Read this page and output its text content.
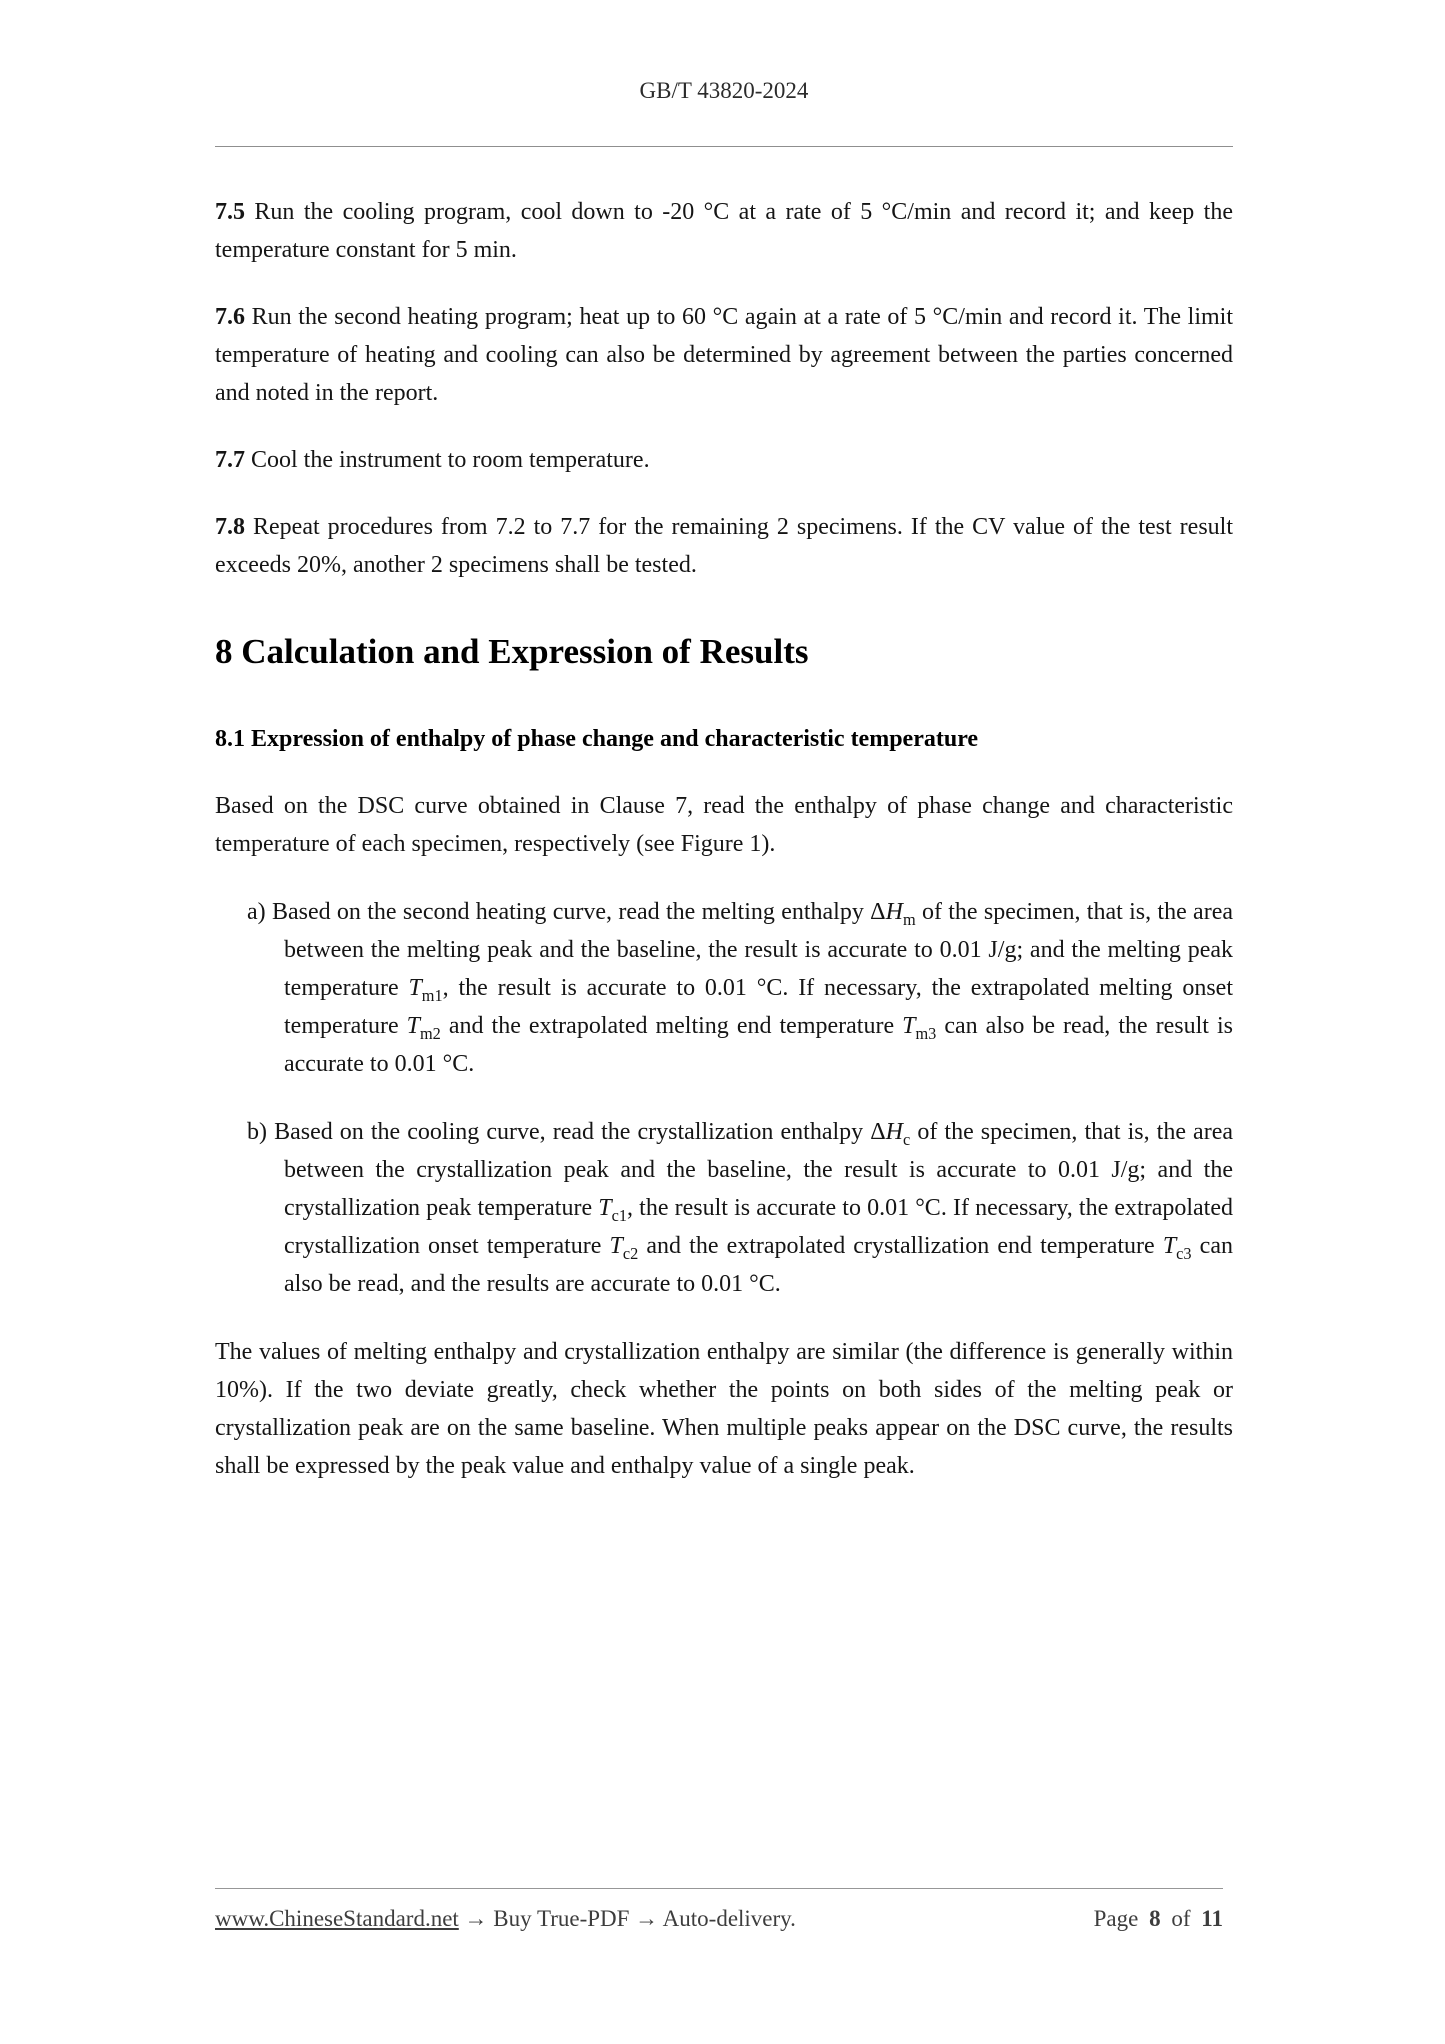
GB/T 43820-2024

7.5 Run the cooling program, cool down to -20 °C at a rate of 5 °C/min and record it; and keep the temperature constant for 5 min.

7.6 Run the second heating program; heat up to 60 °C again at a rate of 5 °C/min and record it. The limit temperature of heating and cooling can also be determined by agreement between the parties concerned and noted in the report.

7.7 Cool the instrument to room temperature.

7.8 Repeat procedures from 7.2 to 7.7 for the remaining 2 specimens. If the CV value of the test result exceeds 20%, another 2 specimens shall be tested.

8 Calculation and Expression of Results
8.1 Expression of enthalpy of phase change and characteristic temperature

Based on the DSC curve obtained in Clause 7, read the enthalpy of phase change and characteristic temperature of each specimen, respectively (see Figure 1).

a) Based on the second heating curve, read the melting enthalpy $\Delta H_m$ of the specimen, that is, the area between the melting peak and the baseline, the result is accurate to 0.01 J/g; and the melting peak temperature $T_{m1}$, the result is accurate to 0.01 °C. If necessary, the extrapolated melting onset temperature $T_{m2}$ and the extrapolated melting end temperature $T_{m3}$ can also be read, the result is accurate to 0.01 °C.
b) Based on the cooling curve, read the crystallization enthalpy $\Delta H_c$ of the specimen, that is, the area between the crystallization peak and the baseline, the result is accurate to 0.01 J/g; and the crystallization peak temperature $T_{c1}$, the result is accurate to 0.01 °C. If necessary, the extrapolated crystallization onset temperature $T_{c2}$ and the extrapolated crystallization end temperature $T_{c3}$ can also be read, and the results are accurate to 0.01 °C.

The values of melting enthalpy and crystallization enthalpy are similar (the difference is generally within 10%). If the two deviate greatly, check whether the points on both sides of the melting peak or crystallization peak are on the same baseline. When multiple peaks appear on the DSC curve, the results shall be expressed by the peak value and enthalpy value of a single peak.

www.ChineseStandard.net → Buy True-PDF → Auto-delivery.	Page 8 of 11
